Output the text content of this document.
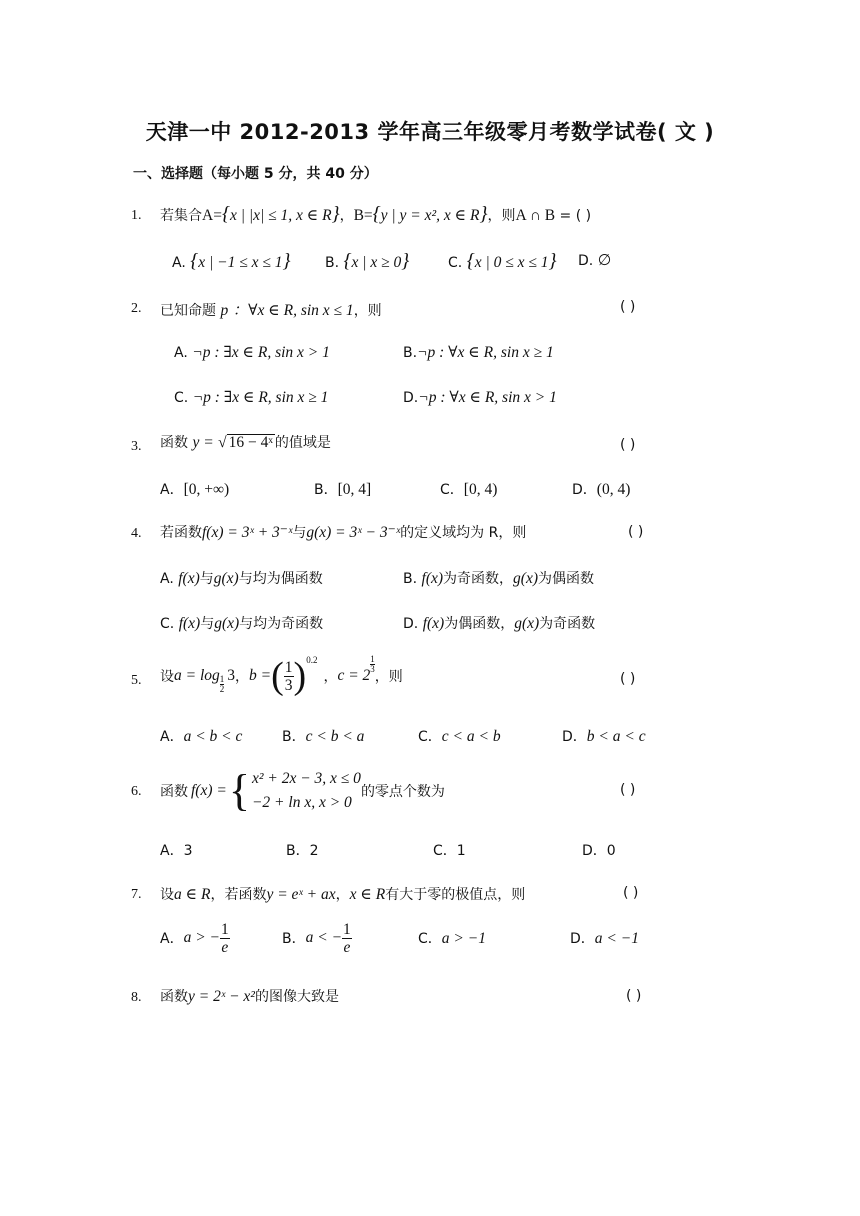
天津一中 2012-2013 学年高三年级零月考数学试卷( 文 )
一、选择题（每小题 5 分，共 40 分）
1. 若集合A={x | |x| ≤ 1, x ∈ R}，B={y | y = x², x ∈ R}，则A ∩ B = ( )
A. {x | −1 ≤ x ≤ 1} B. {x | x ≥ 0}	C. {x | 0 ≤ x ≤ 1} D. ∅
2. 已知命题 p ：∀x ∈ R, sin x ≤ 1，则	( )
A. ¬p : ∃x ∈ R, sin x > 1	B.¬p : ∀x ∈ R, sin x ≥ 1
C. ¬p : ∃x ∈ R, sin x ≥ 1	D.¬p : ∀x ∈ R, sin x > 1
3. 函数 y = √ 16 − 4ˣ 的值域是	( )
A．[0, +∞)	B．[0, 4]	C．[0, 4)	D．(0, 4)
4. 若函数f(x) = 3ˣ + 3⁻ˣ与g(x) = 3ˣ − 3⁻ˣ的定义域均为 R，则	( )
A. f(x)与g(x)与均为偶函数	B. f(x)为奇函数，g(x)为偶函数
C. f(x)与g(x)与均为奇函数	D. f(x)为偶函数，g(x)为奇函数
5. 设 a = log 1
2
3 ， b = ( $\frac{1}{3}$ ) 0.2
， c = 2
1
3 ，则	( )
A．a < b < c	B．c < b < a	C．c < a < b	D．b < a < c
6. 函数 f(x) = { x² + 2x − 3, x ≤ 0
−2 + ln x, x > 0
的零点个数为	( )
A．3	B．2	C．1	D．0
7. 设a ∈ R，若函数y = eˣ + ax，x ∈ R有大于零的极值点，则	( )
A． a > − $\frac{1}{e}$	B． a < − $\frac{1}{e}$	C．a > −1	D．a < −1
8. 函数y = 2ˣ − x²的图像大致是	( )
